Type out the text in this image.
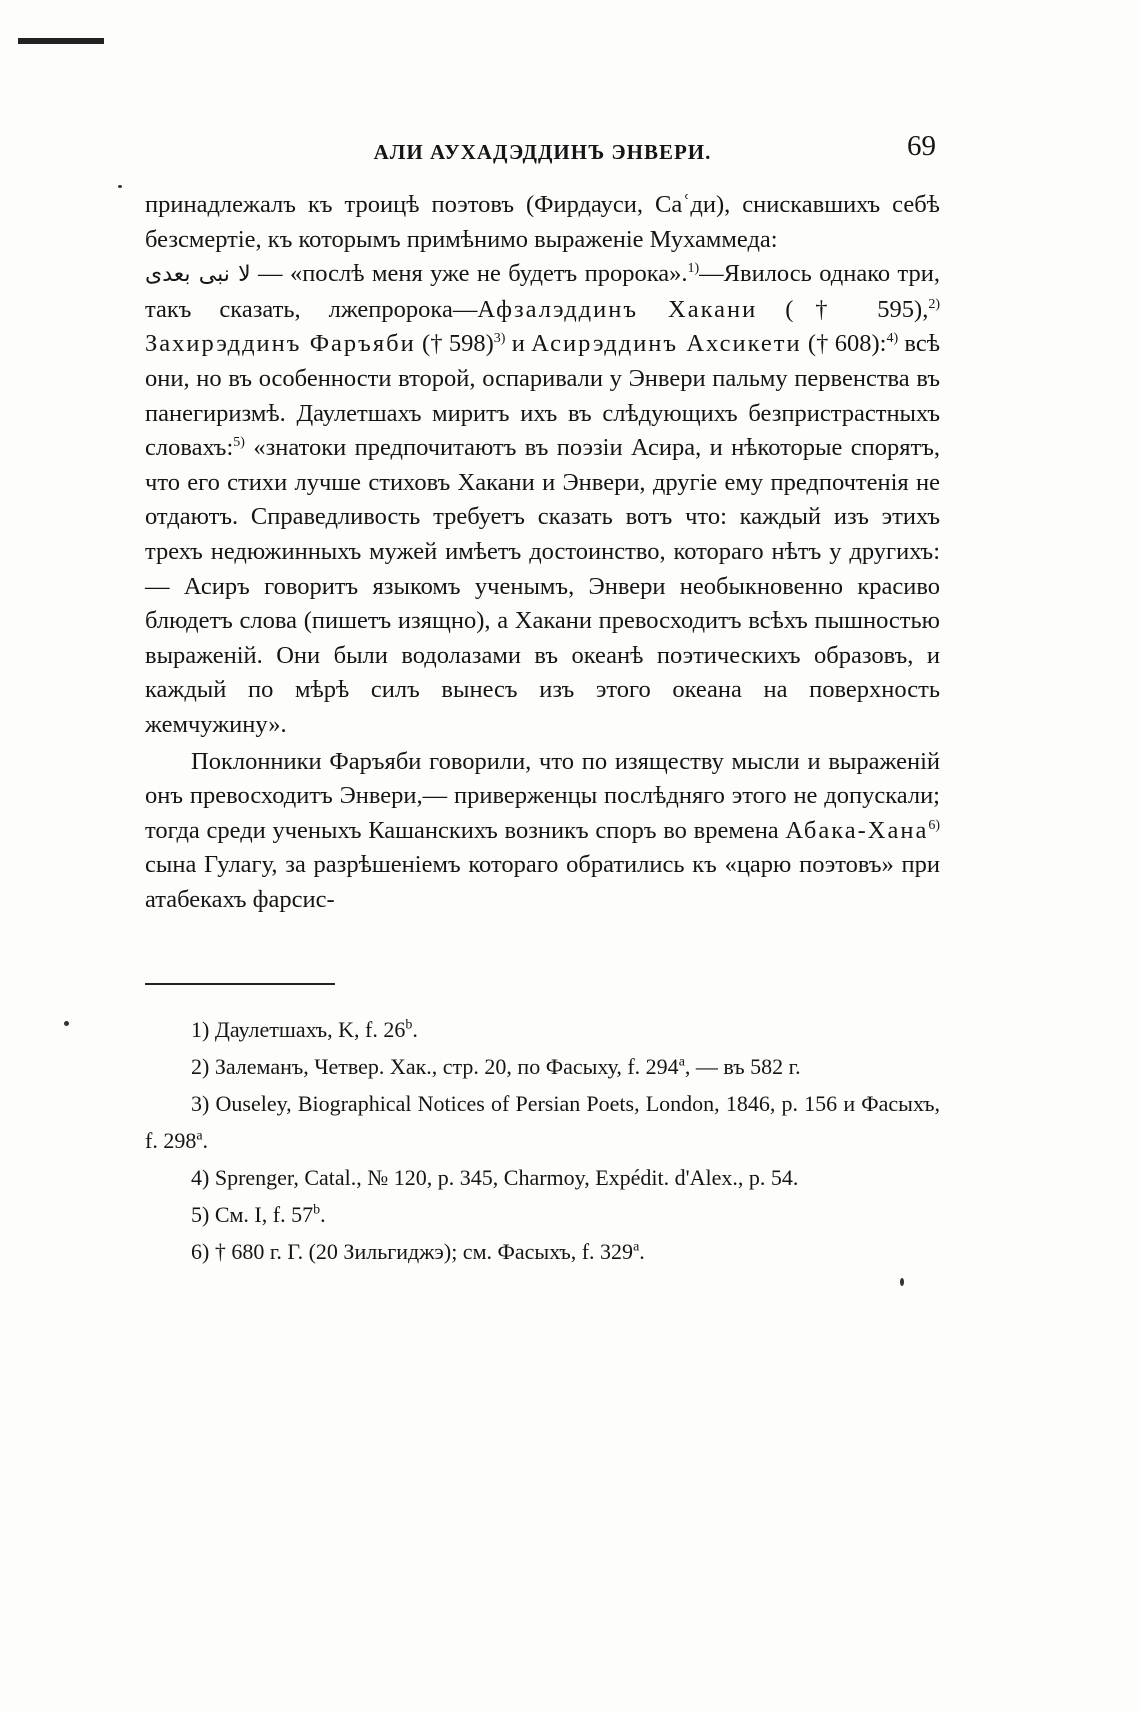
АЛИ АУХАДЭДДИНЪ ЭНВЕРИ.	69

принадлежалъ къ троицѣ поэтовъ (Фирдауси, Саʿди), снискавшихъ себѣ безсмертіе, къ которымъ примѣнимо выраженіе Мухаммеда:
لا نبی بعدی — «послѣ меня уже не будетъ пророка».$^{1)}$—Явилось однако три, такъ сказать, лжепророка—Афзалэддинъ Хакани († 595),$^{2)}$ Захирэддинъ Фаръяби († 598)$^{3)}$ и Асирэддинъ Ахсикети († 608):$^{4)}$ всѣ они, но въ особенности второй, оспаривали у Энвери пальму первенства въ панегиризмѣ. Даулетшахъ миритъ ихъ въ слѣдующихъ безпристрастныхъ словахъ:$^{5)}$ «знатоки предпочитаютъ въ поэзіи Асира, и нѣкоторые спорятъ, что его стихи лучше стиховъ Хакани и Энвери, другіе ему предпочтенія не отдаютъ. Справедливость требуетъ сказать вотъ что: каждый изъ этихъ трехъ недюжинныхъ мужей имѣетъ достоинство, котораго нѣтъ у другихъ: — Асиръ говоритъ языкомъ ученымъ, Энвери необыкновенно красиво блюдетъ слова (пишетъ изящно), а Хакани превосходитъ всѣхъ пышностью выраженій. Они были водолазами въ океанѣ поэтическихъ образовъ, и каждый по мѣрѣ силъ вынесъ изъ этого океана на поверхность жемчужину».

Поклонники Фаръяби говорили, что по изяществу мысли и выраженій онъ превосходитъ Энвери,— приверженцы послѣдняго этого не допускали; тогда среди ученыхъ Кашанскихъ возникъ споръ во времена Абака-Хана$^{6)}$ сына Гулагу, за разрѣшеніемъ котораго обратились къ «царю поэтовъ» при атабекахъ фарсис-

1) Даулетшахъ, K, f. 26$^b$.

2) Залеманъ, Четвер. Хак., стр. 20, по Фасыху, f. 294$^a$, — въ 582 г.

3) Ouseley, Biographical Notices of Persian Poets, London, 1846, p. 156 и Фасыхъ, f. 298$^a$.

4) Sprenger, Catal., № 120, p. 345, Charmoy, Expédit. d'Alex., p. 54.

5) См. I, f. 57$^b$.

6) † 680 г. Г. (20 Зильгиджэ); см. Фасыхъ, f. 329$^a$.
